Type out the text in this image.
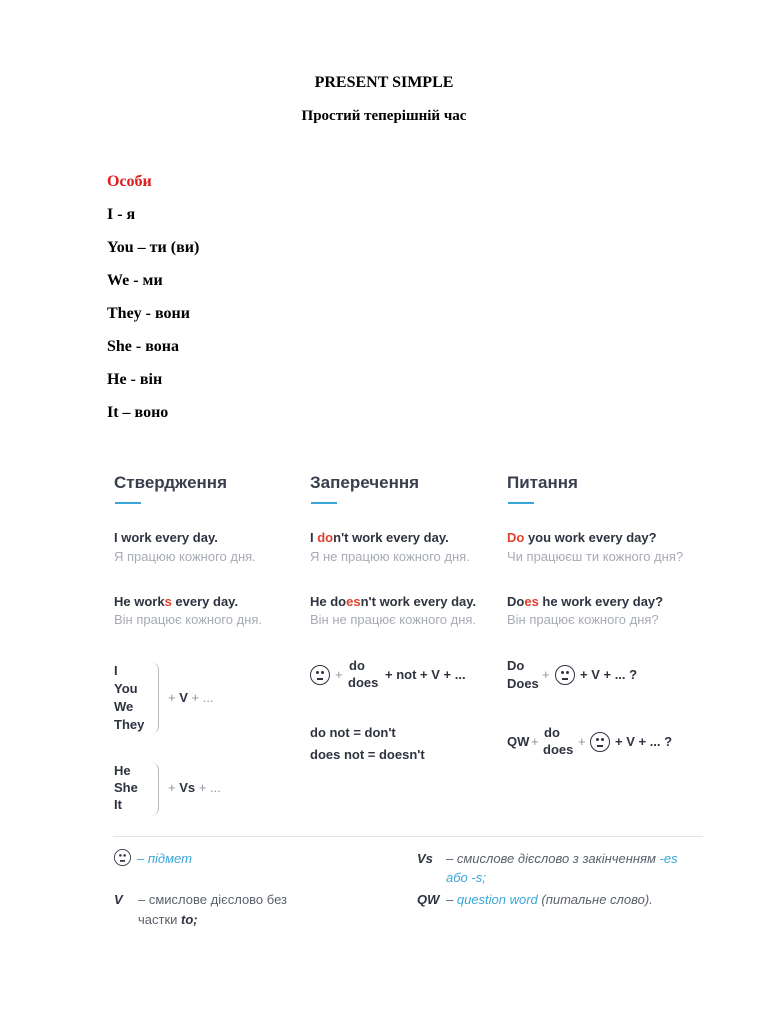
PRESENT SIMPLE
Простий теперішній час
Особи
I - я
You – ти (ви)
We - ми
They - вони
She - вона
He - він
It – воно
Стверджeння	Заперечення	Питання
I work every day.
Я працюю кожного дня.
He works every day.
Він працює кожного дня.
I don't work every day.
Я не працюю кожного дня.
He doesn't work every day.
Він не працює кожного дня.
Do you work every day?
Чи працюєш ти кожного дня?
Does he work every day?
Він працює кожного дня?
I
You
We
They
+ V + ...
He
She
It
+ Vs + ...
+
do
does
+ not + V + ...
do not = don't
does not = doesn't
Do
Does
+ + V + ... ?
QW +
do
does
+ + V + ... ?
– підмет
V – смислове дієслово без
частки to;
Vs – смислове дієслово з закінченням -es
або -s;
QW – question word (питальне слово).
